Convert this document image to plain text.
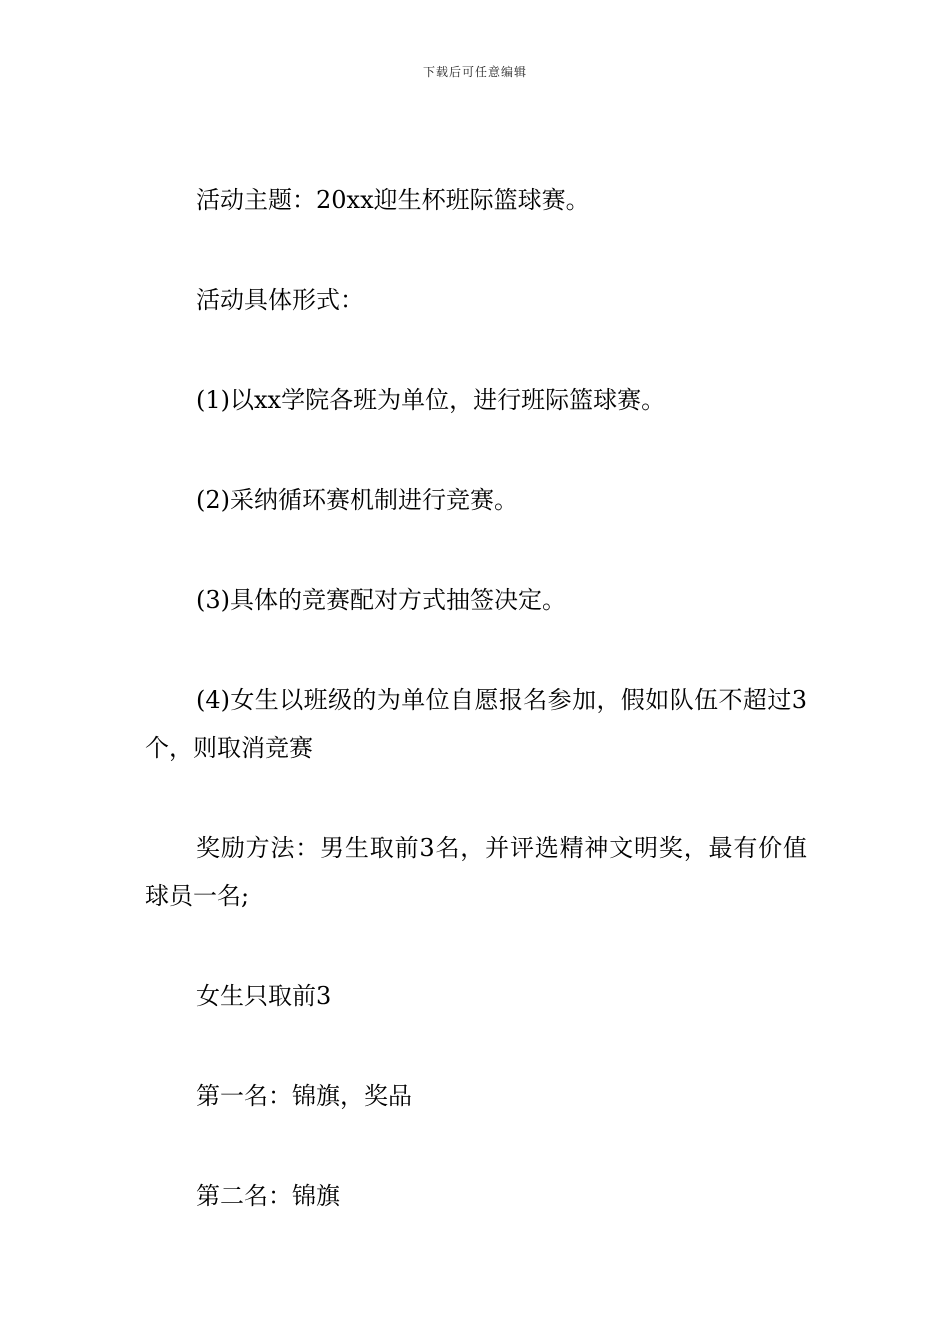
下载后可任意编辑

活动主题：20xx迎生杯班际篮球赛。

活动具体形式：

(1)以xx学院各班为单位，进行班际篮球赛。

(2)采纳循环赛机制进行竞赛。

(3)具体的竞赛配对方式抽签决定。

(4)女生以班级的为单位自愿报名参加，假如队伍不超过3个，则取消竞赛

奖励方法：男生取前3名，并评选精神文明奖，最有价值球员一名;

女生只取前3

第一名：锦旗，奖品

第二名：锦旗
